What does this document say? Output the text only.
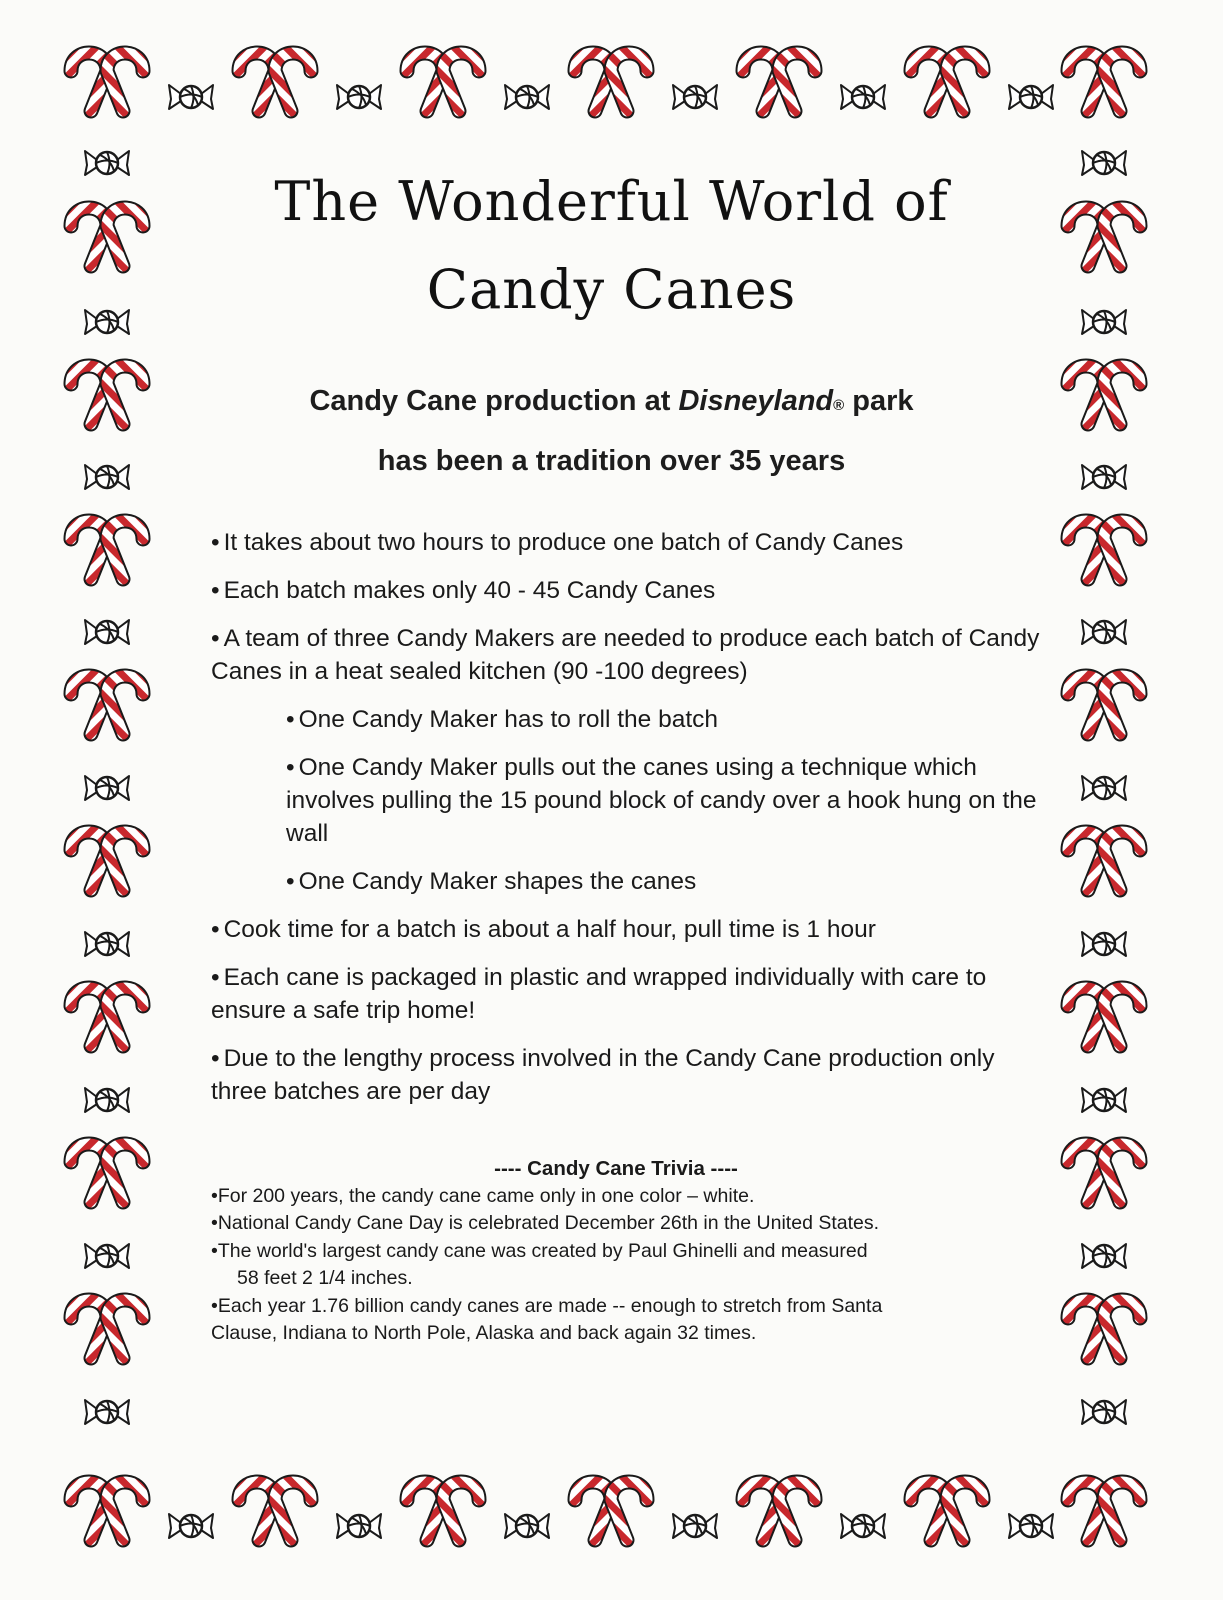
The Wonderful World of
Candy Canes
Candy Cane production at Disneyland® park
has been a tradition over 35 years

• It takes about two hours to produce one batch of Candy Canes

• Each batch makes only 40 - 45 Candy Canes

• A team of three Candy Makers are needed to produce each batch of Candy Canes in a heat sealed kitchen (90 -100 degrees)

• One Candy Maker has to roll the batch

• One Candy Maker pulls out the canes using a technique which involves pulling the 15 pound block of candy over a hook hung on the wall

• One Candy Maker shapes the canes

• Cook time for a batch is about a half hour, pull time is 1 hour

• Each cane is packaged in plastic and wrapped individually with care to ensure a safe trip home!

• Due to the lengthy process involved in the Candy Cane production only three batches are per day

---- Candy Cane Trivia ----

•For 200 years, the candy cane came only in one color – white.

•National Candy Cane Day is celebrated December 26th in the United States.

•The world's largest candy cane was created by Paul Ghinelli and measured
58 feet 2 1/4 inches.

•Each year 1.76 billion candy canes are made -- enough to stretch from Santa
Clause, Indiana to North Pole, Alaska and back again 32 times.
